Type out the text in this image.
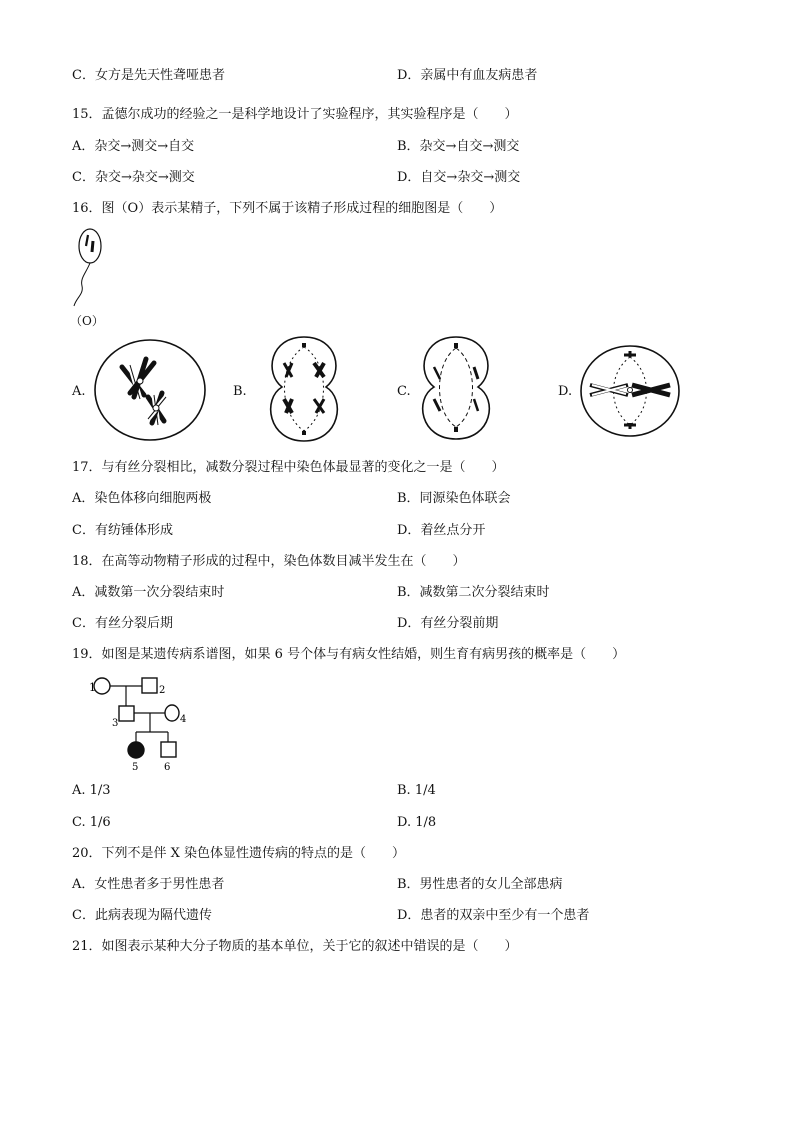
C．女方是先天性聋哑患者	D．亲属中有血友病患者
15．孟德尔成功的经验之一是科学地设计了实验程序，其实验程序是（　　）
A．杂交→测交→自交	B．杂交→自交→测交
C．杂交→杂交→测交	D．自交→杂交→测交
16．图（O）表示某精子，下列不属于该精子形成过程的细胞图是（　　）
（O）
A.	B.	C.	D.
17．与有丝分裂相比，减数分裂过程中染色体最显著的变化之一是（　　）
A．染色体移向细胞两极	B．同源染色体联会
C．有纺锤体形成	D．着丝点分开
18．在高等动物精子形成的过程中，染色体数目减半发生在（　　）
A．减数第一次分裂结束时	B．减数第二次分裂结束时
C．有丝分裂后期	D．有丝分裂前期
19．如图是某遗传病系谱图，如果 6 号个体与有病女性结婚，则生育有病男孩的概率是（　　）
1	2
3	4
5	6
A. 1/3	B. 1/4
C. 1/6	D. 1/8
20．下列不是伴 X 染色体显性遗传病的特点的是（　　）
A．女性患者多于男性患者	B．男性患者的女儿全部患病
C．此病表现为隔代遗传	D．患者的双亲中至少有一个患者
21．如图表示某种大分子物质的基本单位，关于它的叙述中错误的是（　　）
